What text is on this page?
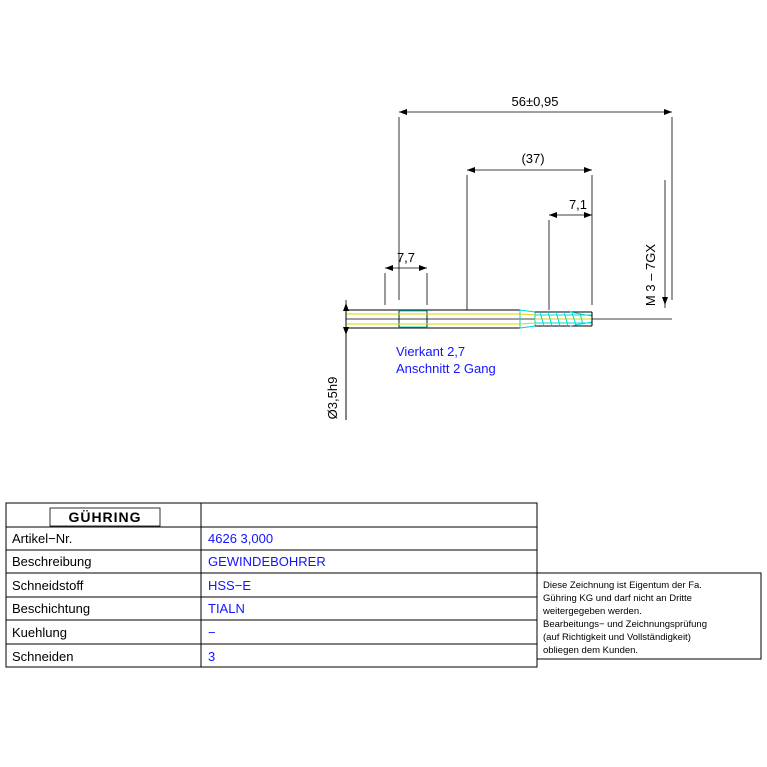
56±0,95
(37)
7,1
7,7	M 3 – 7GX
Ø3,5h9
Vierkant 2,7
Anschnitt 2 Gang
GÜHRING
Artikel−Nr.	4626 3,000
Beschreibung	GEWINDEBOHRER
Schneidstoff	HSS−E
Beschichtung	TIALN
Kuehlung	−
Schneiden	3
Diese Zeichnung ist Eigentum der Fa.
Gühring KG und darf nicht an Dritte
weitergegeben werden.
Bearbeitungs− und Zeichnungsprüfung
(auf Richtigkeit und Vollständigkeit)
obliegen dem Kunden.
